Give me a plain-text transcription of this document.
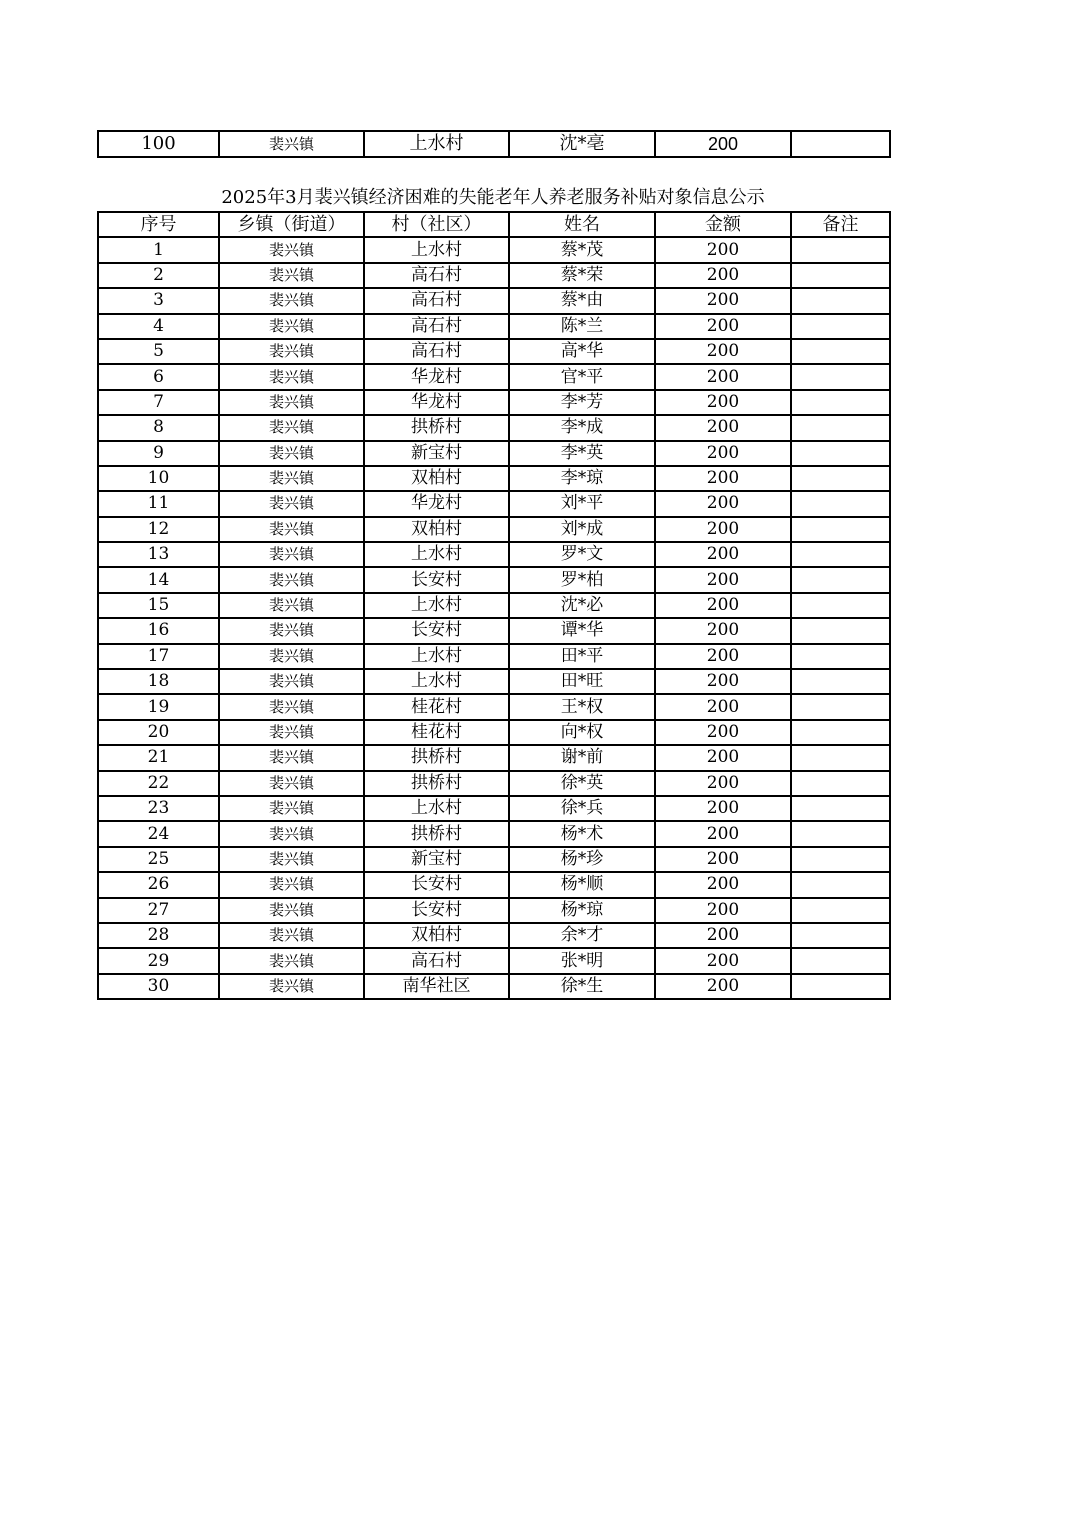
100	裴兴镇	上水村	沈*亳	200	
2025年3月裴兴镇经济困难的失能老年人养老服务补贴对象信息公示
序号	乡镇（街道）	村（社区）	姓名	金额	备注
1	裴兴镇	上水村	蔡*茂	200	
2	裴兴镇	高石村	蔡*荣	200	
3	裴兴镇	高石村	蔡*由	200	
4	裴兴镇	高石村	陈*兰	200	
5	裴兴镇	高石村	高*华	200	
6	裴兴镇	华龙村	官*平	200	
7	裴兴镇	华龙村	李*芳	200	
8	裴兴镇	拱桥村	李*成	200	
9	裴兴镇	新宝村	李*英	200	
10	裴兴镇	双柏村	李*琼	200	
11	裴兴镇	华龙村	刘*平	200	
12	裴兴镇	双柏村	刘*成	200	
13	裴兴镇	上水村	罗*文	200	
14	裴兴镇	长安村	罗*柏	200	
15	裴兴镇	上水村	沈*必	200	
16	裴兴镇	长安村	谭*华	200	
17	裴兴镇	上水村	田*平	200	
18	裴兴镇	上水村	田*旺	200	
19	裴兴镇	桂花村	王*权	200	
20	裴兴镇	桂花村	向*权	200	
21	裴兴镇	拱桥村	谢*前	200	
22	裴兴镇	拱桥村	徐*英	200	
23	裴兴镇	上水村	徐*兵	200	
24	裴兴镇	拱桥村	杨*术	200	
25	裴兴镇	新宝村	杨*珍	200	
26	裴兴镇	长安村	杨*顺	200	
27	裴兴镇	长安村	杨*琼	200	
28	裴兴镇	双柏村	余*才	200	
29	裴兴镇	高石村	张*明	200	
30	裴兴镇	南华社区	徐*生	200	
